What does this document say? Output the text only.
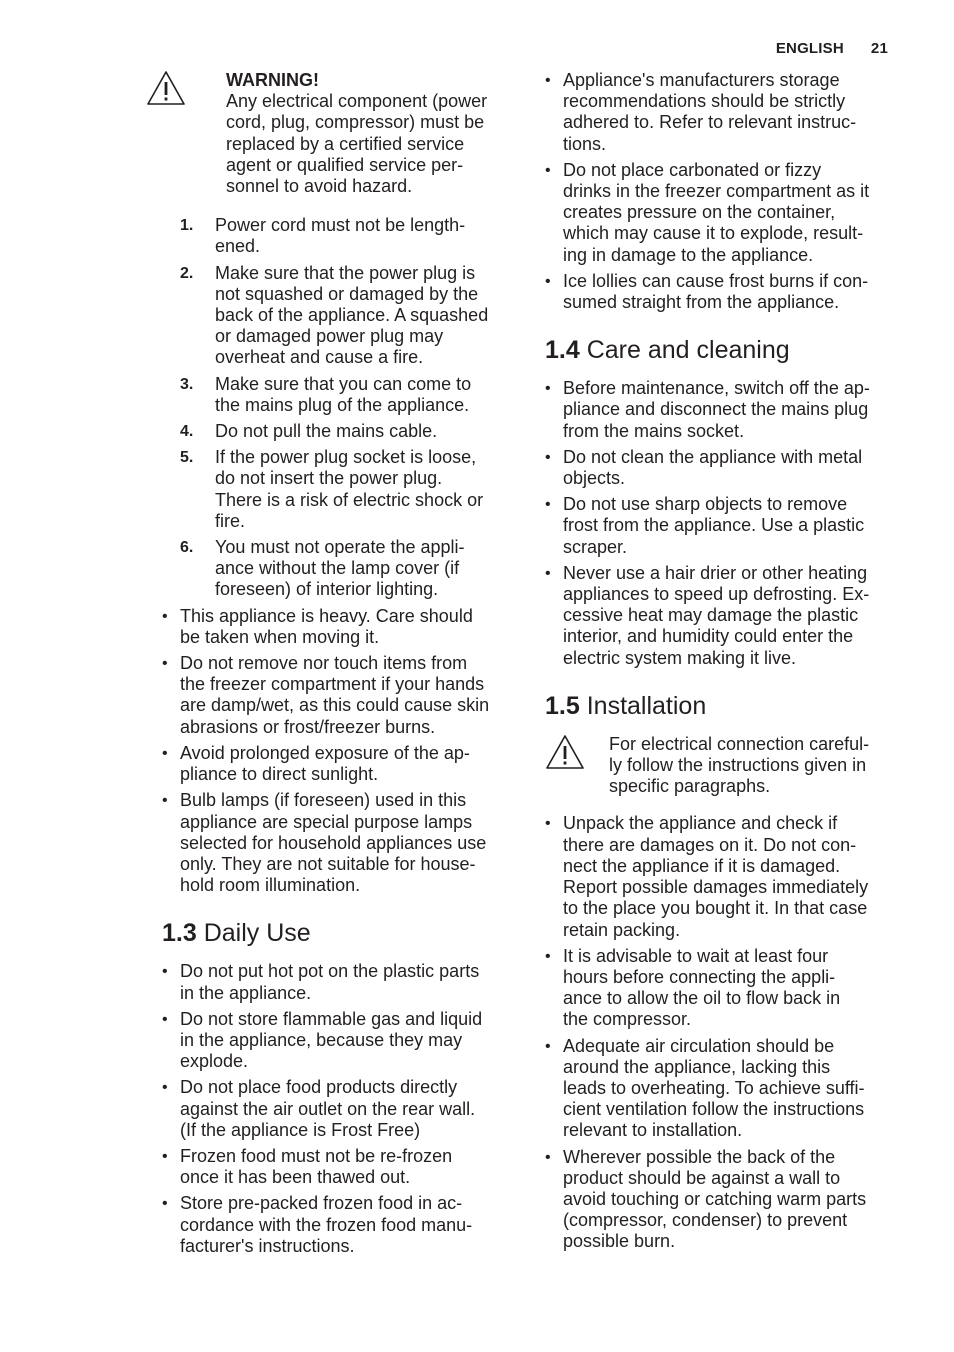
ENGLISH 21
WARNING!
Any electrical component (power
cord, plug, compressor) must be
replaced by a certified service
agent or qualified service per-
sonnel to avoid hazard.
1. Power cord must not be length-
ened.
2. Make sure that the power plug is
not squashed or damaged by the
back of the appliance. A squashed
or damaged power plug may
overheat and cause a fire.
3. Make sure that you can come to
the mains plug of the appliance.
4. Do not pull the mains cable.
5. If the power plug socket is loose,
do not insert the power plug.
There is a risk of electric shock or
fire.
6. You must not operate the appli-
ance without the lamp cover (if
foreseen) of interior lighting.
• This appliance is heavy. Care should
be taken when moving it.
• Do not remove nor touch items from
the freezer compartment if your hands
are damp/wet, as this could cause skin
abrasions or frost/freezer burns.
• Avoid prolonged exposure of the ap-
pliance to direct sunlight.
• Bulb lamps (if foreseen) used in this
appliance are special purpose lamps
selected for household appliances use
only. They are not suitable for house-
hold room illumination.
1.3 Daily Use
• Do not put hot pot on the plastic parts
in the appliance.
• Do not store flammable gas and liquid
in the appliance, because they may
explode.
• Do not place food products directly
against the air outlet on the rear wall.
(If the appliance is Frost Free)
• Frozen food must not be re-frozen
once it has been thawed out.
• Store pre-packed frozen food in ac-
cordance with the frozen food manu-
facturer's instructions.
• Appliance's manufacturers storage
recommendations should be strictly
adhered to. Refer to relevant instruc-
tions.
• Do not place carbonated or fizzy
drinks in the freezer compartment as it
creates pressure on the container,
which may cause it to explode, result-
ing in damage to the appliance.
• Ice lollies can cause frost burns if con-
sumed straight from the appliance.
1.4 Care and cleaning
• Before maintenance, switch off the ap-
pliance and disconnect the mains plug
from the mains socket.
• Do not clean the appliance with metal
objects.
• Do not use sharp objects to remove
frost from the appliance. Use a plastic
scraper.
• Never use a hair drier or other heating
appliances to speed up defrosting. Ex-
cessive heat may damage the plastic
interior, and humidity could enter the
electric system making it live.
1.5 Installation
For electrical connection careful-
ly follow the instructions given in
specific paragraphs.
• Unpack the appliance and check if
there are damages on it. Do not con-
nect the appliance if it is damaged.
Report possible damages immediately
to the place you bought it. In that case
retain packing.
• It is advisable to wait at least four
hours before connecting the appli-
ance to allow the oil to flow back in
the compressor.
• Adequate air circulation should be
around the appliance, lacking this
leads to overheating. To achieve suffi-
cient ventilation follow the instructions
relevant to installation.
• Wherever possible the back of the
product should be against a wall to
avoid touching or catching warm parts
(compressor, condenser) to prevent
possible burn.
